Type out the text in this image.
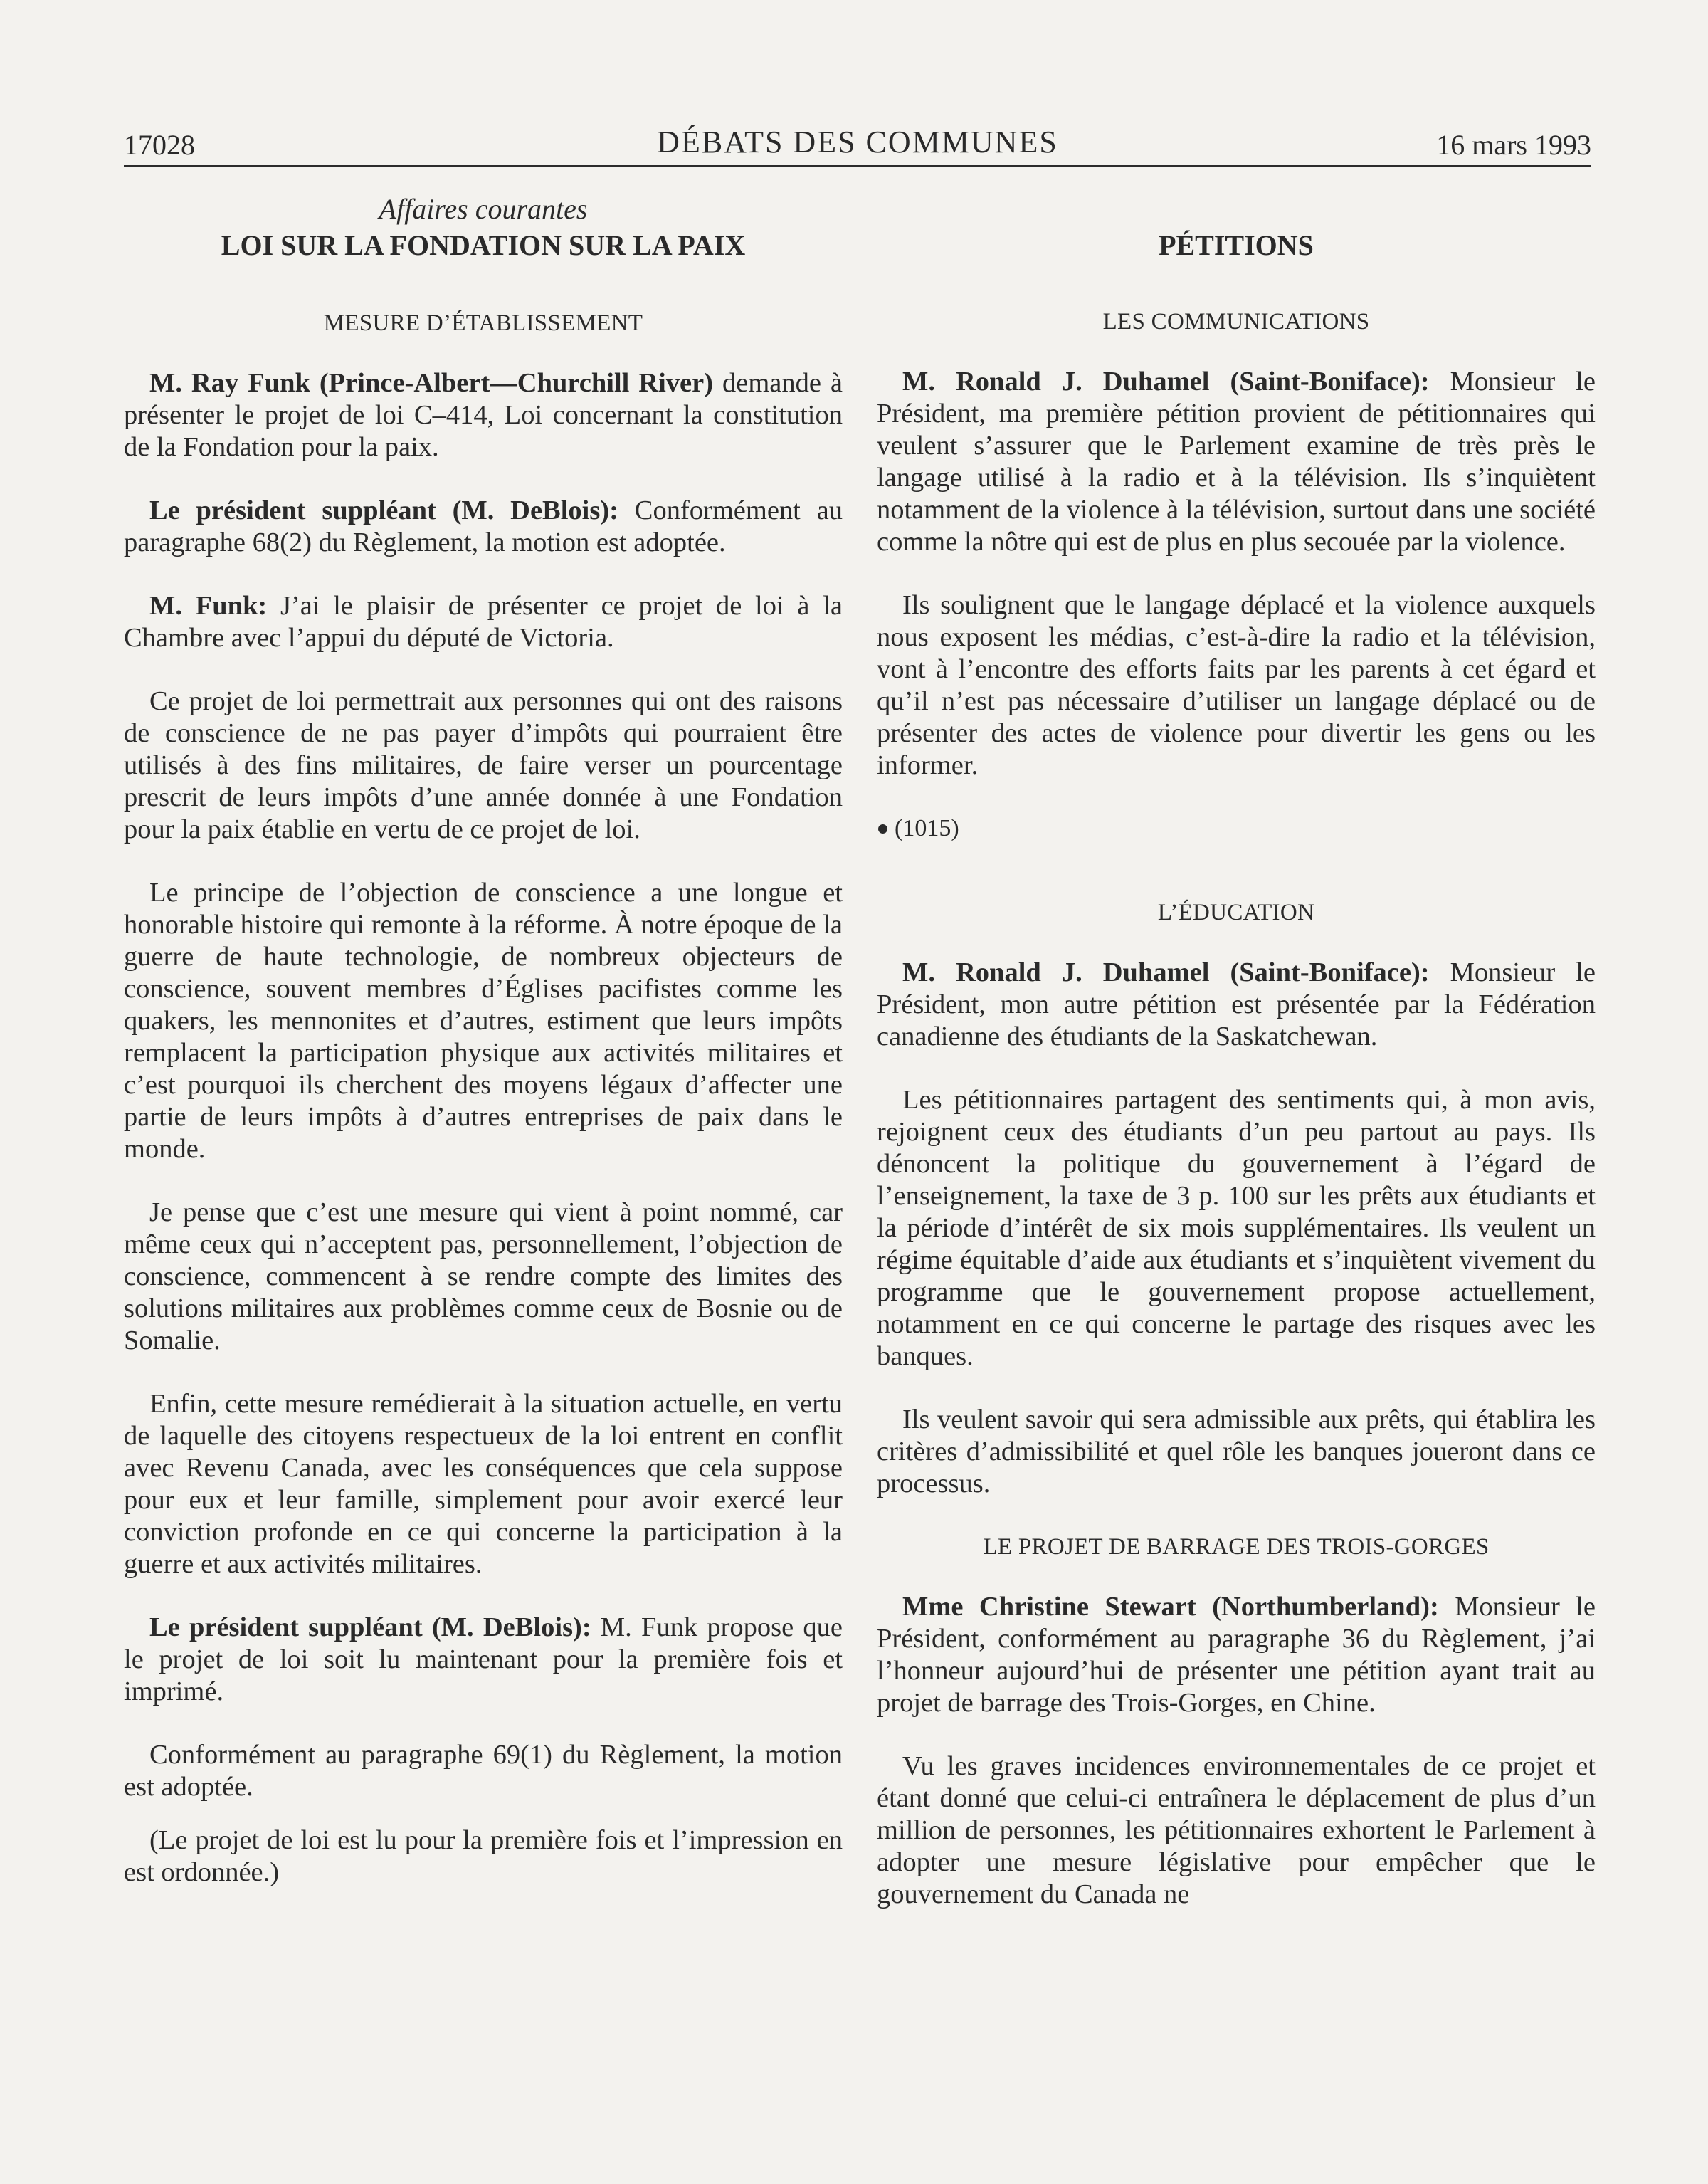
17028	DÉBATS DES COMMUNES	16 mars 1993
Affaires courantes
LOI SUR LA FONDATION SUR LA PAIX
MESURE D’ÉTABLISSEMENT

M. Ray Funk (Prince-Albert—Churchill River) demande à présenter le projet de loi C–414, Loi concernant la constitution de la Fondation pour la paix.

Le président suppléant (M. DeBlois): Conformément au paragraphe 68(2) du Règlement, la motion est adoptée.

M. Funk: J’ai le plaisir de présenter ce projet de loi à la Chambre avec l’appui du député de Victoria.

Ce projet de loi permettrait aux personnes qui ont des raisons de conscience de ne pas payer d’impôts qui pourraient être utilisés à des fins militaires, de faire verser un pourcentage prescrit de leurs impôts d’une année donnée à une Fondation pour la paix établie en vertu de ce projet de loi.

Le principe de l’objection de conscience a une longue et honorable histoire qui remonte à la réforme. À notre époque de la guerre de haute technologie, de nombreux objecteurs de conscience, souvent membres d’Églises pacifistes comme les quakers, les mennonites et d’autres, estiment que leurs impôts remplacent la participation physique aux activités militaires et c’est pourquoi ils cherchent des moyens légaux d’affecter une partie de leurs impôts à d’autres entreprises de paix dans le monde.

Je pense que c’est une mesure qui vient à point nommé, car même ceux qui n’acceptent pas, personnellement, l’objection de conscience, commencent à se rendre compte des limites des solutions militaires aux problèmes comme ceux de Bosnie ou de Somalie.

Enfin, cette mesure remédierait à la situation actuelle, en vertu de laquelle des citoyens respectueux de la loi entrent en conflit avec Revenu Canada, avec les conséquences que cela suppose pour eux et leur famille, simplement pour avoir exercé leur conviction profonde en ce qui concerne la participation à la guerre et aux activités militaires.

Le président suppléant (M. DeBlois): M. Funk propose que le projet de loi soit lu maintenant pour la première fois et imprimé.

Conformément au paragraphe 69(1) du Règlement, la motion est adoptée.

(Le projet de loi est lu pour la première fois et l’impression en est ordonnée.)

PÉTITIONS
LES COMMUNICATIONS

M. Ronald J. Duhamel (Saint-Boniface): Monsieur le Président, ma première pétition provient de pétitionnaires qui veulent s’assurer que le Parlement examine de très près le langage utilisé à la radio et à la télévision. Ils s’inquiètent notamment de la violence à la télévision, surtout dans une société comme la nôtre qui est de plus en plus secouée par la violence.

Ils soulignent que le langage déplacé et la violence auxquels nous exposent les médias, c’est-à-dire la radio et la télévision, vont à l’encontre des efforts faits par les parents à cet égard et qu’il n’est pas nécessaire d’utiliser un langage déplacé ou de présenter des actes de violence pour divertir les gens ou les informer.

(1015)
L’ÉDUCATION

M. Ronald J. Duhamel (Saint-Boniface): Monsieur le Président, mon autre pétition est présentée par la Fédération canadienne des étudiants de la Saskatchewan.

Les pétitionnaires partagent des sentiments qui, à mon avis, rejoignent ceux des étudiants d’un peu partout au pays. Ils dénoncent la politique du gouvernement à l’égard de l’enseignement, la taxe de 3 p. 100 sur les prêts aux étudiants et la période d’intérêt de six mois supplémentaires. Ils veulent un régime équitable d’aide aux étudiants et s’inquiètent vivement du programme que le gouvernement propose actuellement, notamment en ce qui concerne le partage des risques avec les banques.

Ils veulent savoir qui sera admissible aux prêts, qui établira les critères d’admissibilité et quel rôle les banques joueront dans ce processus.

LE PROJET DE BARRAGE DES TROIS-GORGES

Mme Christine Stewart (Northumberland): Monsieur le Président, conformément au paragraphe 36 du Règlement, j’ai l’honneur aujourd’hui de présenter une pétition ayant trait au projet de barrage des Trois-Gorges, en Chine.

Vu les graves incidences environnementales de ce projet et étant donné que celui-ci entraînera le déplacement de plus d’un million de personnes, les pétitionnaires exhortent le Parlement à adopter une mesure législative pour empêcher que le gouvernement du Canada ne
